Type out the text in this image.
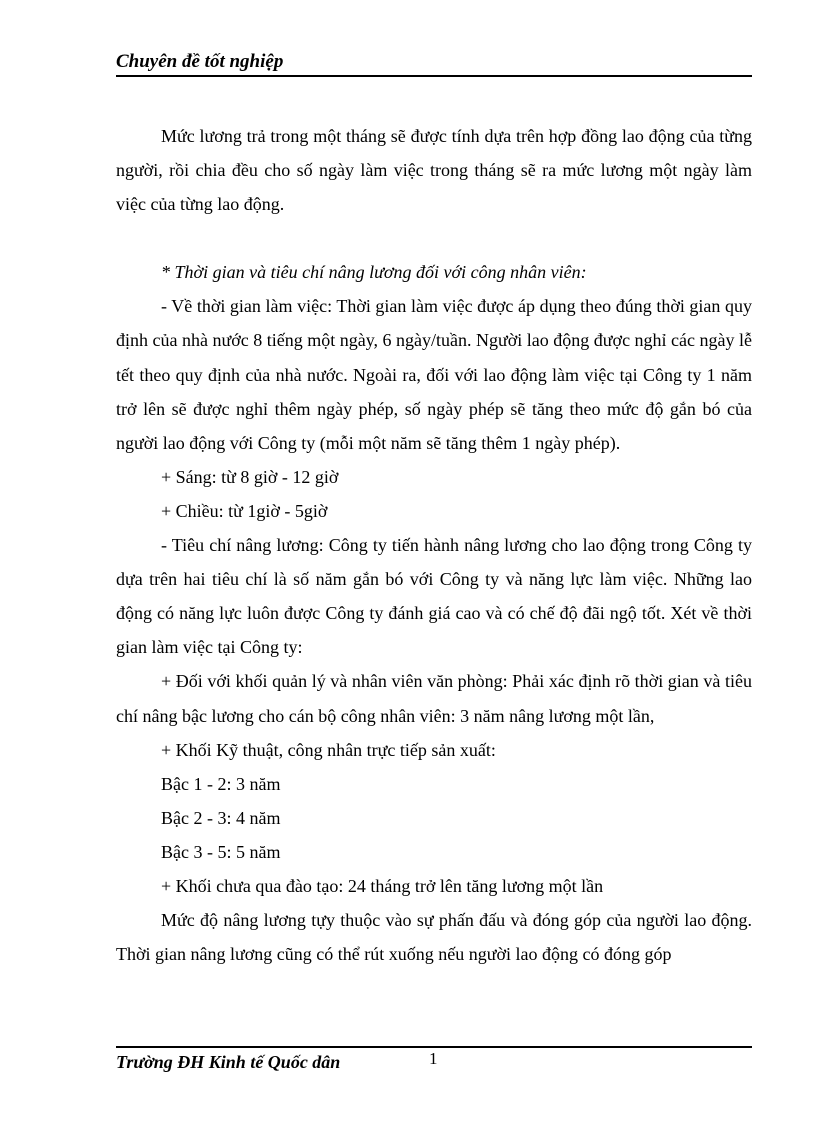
Chuyên đề tốt nghiệp

Mức lương trả trong một tháng sẽ được tính dựa trên hợp đồng lao động của từng người, rồi chia đều cho số ngày làm việc trong tháng sẽ ra mức lương một ngày làm việc của từng lao động.

* Thời gian và tiêu chí nâng lương đối với công nhân viên:

- Về thời gian làm việc: Thời gian làm việc được áp dụng theo đúng thời gian quy định của nhà nước 8 tiếng một ngày, 6 ngày/tuần. Người lao động được nghỉ các ngày lễ tết theo quy định của nhà nước. Ngoài ra, đối với lao động làm việc tại Công ty 1 năm trở lên sẽ được nghỉ thêm ngày phép, số ngày phép sẽ tăng theo mức độ gắn bó của người lao động với Công ty (mỗi một năm sẽ tăng thêm 1 ngày phép).

+ Sáng: từ 8 giờ - 12 giờ

+ Chiều: từ 1giờ - 5giờ

- Tiêu chí nâng lương: Công ty tiến hành nâng lương cho lao động trong Công ty dựa trên hai tiêu chí là số năm gắn bó với Công ty và năng lực làm việc. Những lao động có năng lực luôn được Công ty đánh giá cao và có chế độ đãi ngộ tốt. Xét về thời gian làm việc tại Công ty:

+ Đối với khối quản lý và nhân viên văn phòng: Phải xác định rõ thời gian và tiêu chí nâng bậc lương cho cán bộ công nhân viên: 3 năm nâng lương một lần,

+ Khối Kỹ thuật, công nhân trực tiếp sản xuất:

Bậc 1 - 2: 3 năm

Bậc 2 - 3: 4 năm

Bậc 3 - 5: 5 năm

+ Khối chưa qua đào tạo: 24 tháng trở lên tăng lương một lần

Mức độ nâng lương tựy thuộc vào sự phấn đấu và đóng góp của người lao động. Thời gian nâng lương cũng có thể rút xuống nếu người lao động có đóng góp

Trường ĐH Kinh tế Quốc dân	1
